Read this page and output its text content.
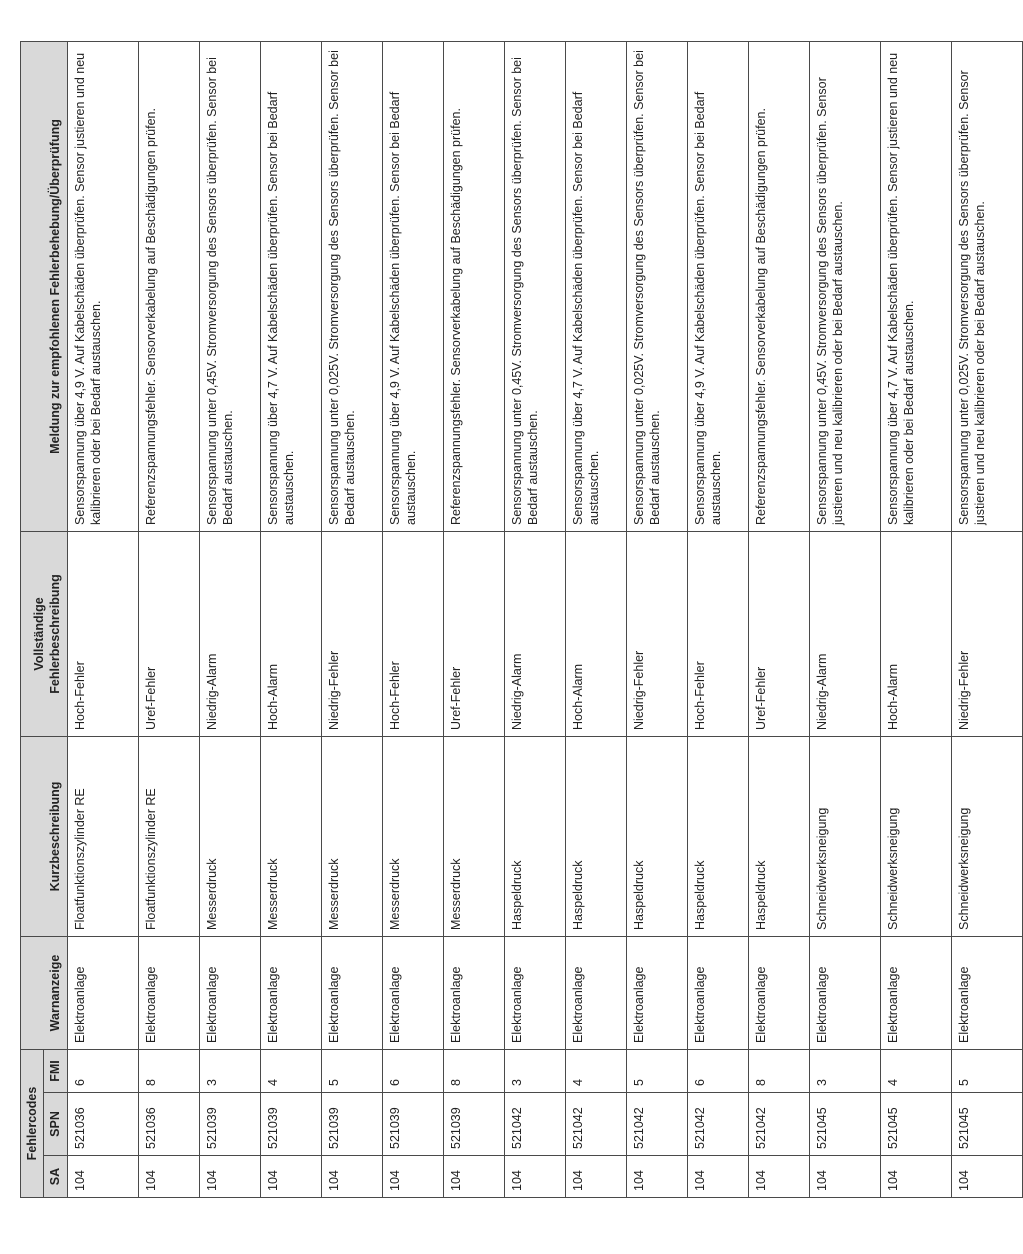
Fehlercodes			Warnanzeige	Kurzbeschreibung	Vollständige Fehlerbeschreibung	Meldung zur empfohlenen Fehlerbehebung/Überprüfung
SA	SPN	FMI				
104	521036	6	Elektroanlage	Floatfunktionszylinder RE	Hoch-Fehler	Sensorspannung über 4,9 V. Auf Kabelschäden überprüfen. Sensor justieren und neu kalibrieren oder bei Bedarf austauschen.
104	521036	8	Elektroanlage	Floatfunktionszylinder RE	Uref-Fehler	Referenzspannungsfehler. Sensorverkabelung auf Beschädigungen prüfen.
104	521039	3	Elektroanlage	Messerdruck	Niedrig-Alarm	Sensorspannung unter 0,45V. Stromversorgung des Sensors überprüfen. Sensor bei Bedarf austauschen.
104	521039	4	Elektroanlage	Messerdruck	Hoch-Alarm	Sensorspannung über 4,7 V. Auf Kabelschäden überprüfen. Sensor bei Bedarf austauschen.
104	521039	5	Elektroanlage	Messerdruck	Niedrig-Fehler	Sensorspannung unter 0,025V. Stromversorgung des Sensors überprüfen. Sensor bei Bedarf austauschen.
104	521039	6	Elektroanlage	Messerdruck	Hoch-Fehler	Sensorspannung über 4,9 V. Auf Kabelschäden überprüfen. Sensor bei Bedarf austauschen.
104	521039	8	Elektroanlage	Messerdruck	Uref-Fehler	Referenzspannungsfehler. Sensorverkabelung auf Beschädigungen prüfen.
104	521042	3	Elektroanlage	Haspeldruck	Niedrig-Alarm	Sensorspannung unter 0,45V. Stromversorgung des Sensors überprüfen. Sensor bei Bedarf austauschen.
104	521042	4	Elektroanlage	Haspeldruck	Hoch-Alarm	Sensorspannung über 4,7 V. Auf Kabelschäden überprüfen. Sensor bei Bedarf austauschen.
104	521042	5	Elektroanlage	Haspeldruck	Niedrig-Fehler	Sensorspannung unter 0,025V. Stromversorgung des Sensors überprüfen. Sensor bei Bedarf austauschen.
104	521042	6	Elektroanlage	Haspeldruck	Hoch-Fehler	Sensorspannung über 4,9 V. Auf Kabelschäden überprüfen. Sensor bei Bedarf austauschen.
104	521042	8	Elektroanlage	Haspeldruck	Uref-Fehler	Referenzspannungsfehler. Sensorverkabelung auf Beschädigungen prüfen.
104	521045	3	Elektroanlage	Schneidwerksneigung	Niedrig-Alarm	Sensorspannung unter 0,45V. Stromversorgung des Sensors überprüfen. Sensor justieren und neu kalibrieren oder bei Bedarf austauschen.
104	521045	4	Elektroanlage	Schneidwerksneigung	Hoch-Alarm	Sensorspannung über 4,7 V. Auf Kabelschäden überprüfen. Sensor justieren und neu kalibrieren oder bei Bedarf austauschen.
104	521045	5	Elektroanlage	Schneidwerksneigung	Niedrig-Fehler	Sensorspannung unter 0,025V. Stromversorgung des Sensors überprüfen. Sensor justieren und neu kalibrieren oder bei Bedarf austauschen.
